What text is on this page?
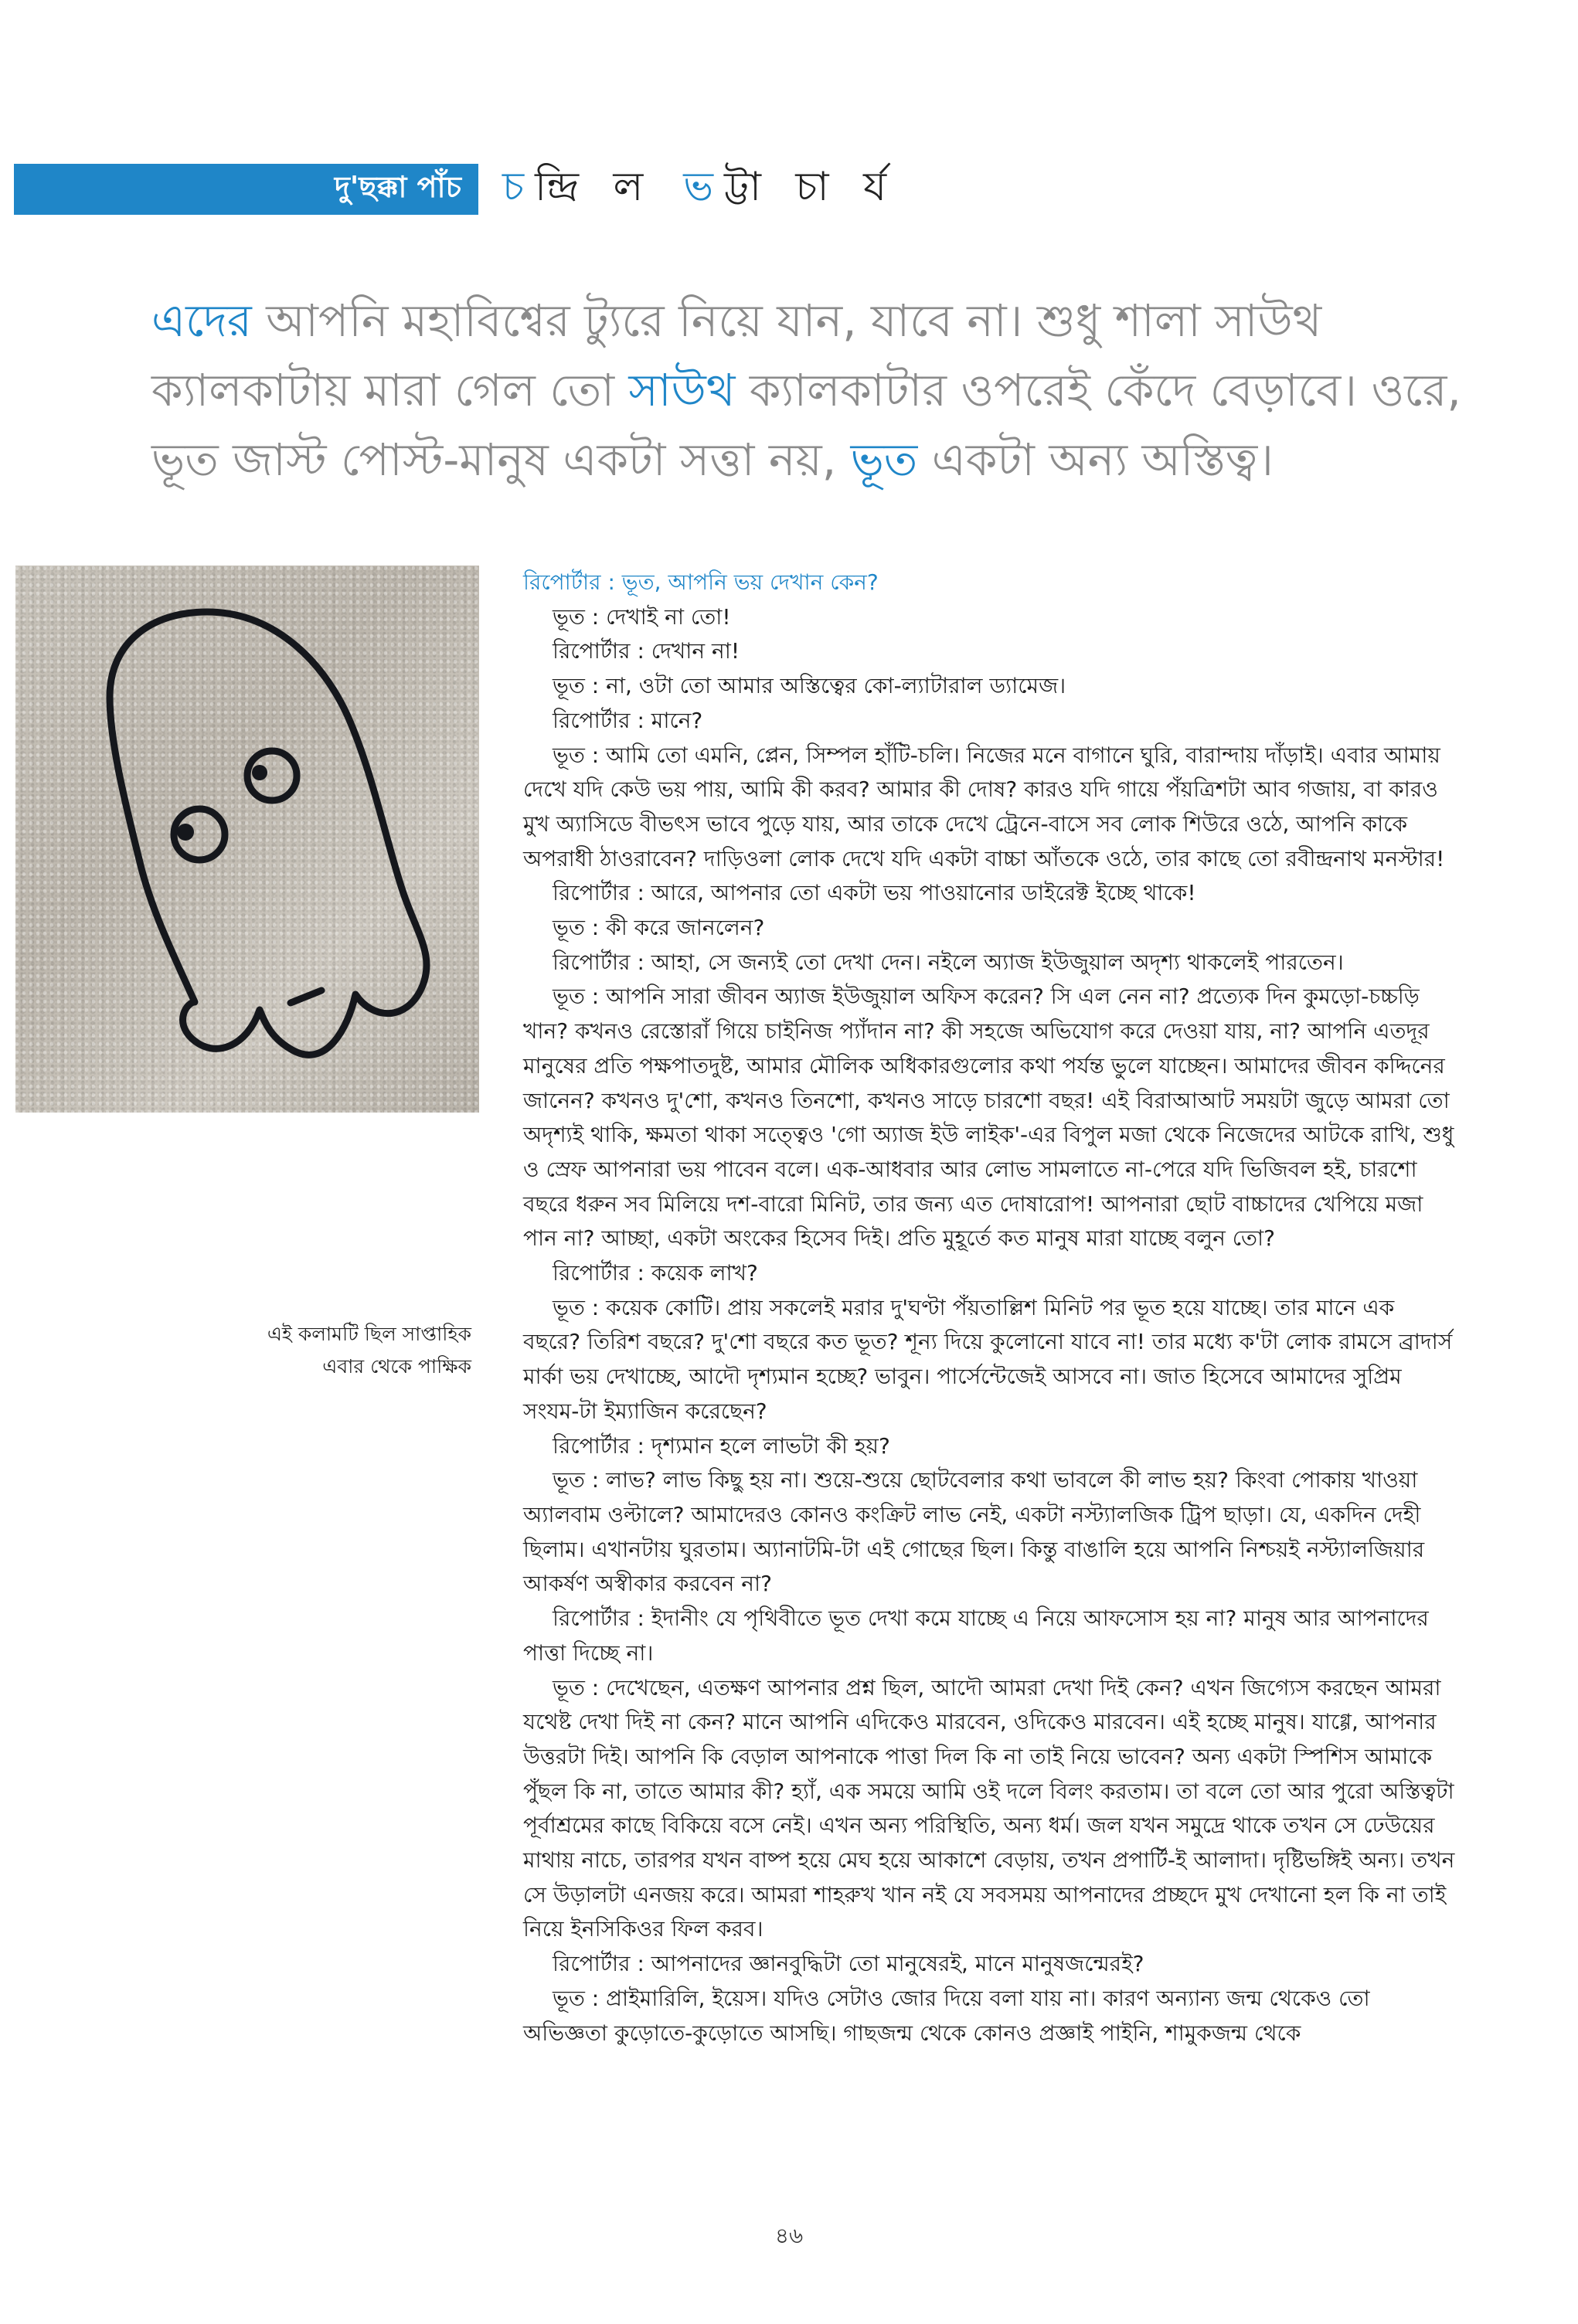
দু'ছক্কা পাঁচ চ ন্দ্রি ল ভ ট্টা চা র্য
এদের আপনি মহাবিশ্বের ট্যুরে নিয়ে যান, যাবে না। শুধু শালা সাউথ ক্যালকাটায় মারা গেল তো সাউথ ক্যালকাটার ওপরেই কেঁদে বেড়াবে। ওরে, ভূত জাস্ট পোস্ট-মানুষ একটা সত্তা নয়, ভূত একটা অন্য অস্তিত্ব।
এই কলামটি ছিল সাপ্তাহিক
এবার থেকে পাক্ষিক

রিপোর্টার : ভূত, আপনি ভয় দেখান কেন?

ভূত : দেখাই না তো!

রিপোর্টার : দেখান না!

ভূত : না, ওটা তো আমার অস্তিত্বের কো-ল্যাটারাল ড্যামেজ।

রিপোর্টার : মানে?

ভূত : আমি তো এমনি, প্লেন, সিম্পল হাঁটি-চলি। নিজের মনে বাগানে ঘুরি, বারান্দায় দাঁড়াই। এবার আমায় দেখে যদি কেউ ভয় পায়, আমি কী করব? আমার কী দোষ? কারও যদি গায়ে পঁয়ত্রিশটা আব গজায়, বা কারও মুখ অ্যাসিডে বীভৎস ভাবে পুড়ে যায়, আর তাকে দেখে ট্রেনে-বাসে সব লোক শিউরে ওঠে, আপনি কাকে অপরাধী ঠাওরাবেন? দাড়িওলা লোক দেখে যদি একটা বাচ্চা আঁতকে ওঠে, তার কাছে তো রবীন্দ্রনাথ মনস্টার!

রিপোর্টার : আরে, আপনার তো একটা ভয় পাওয়ানোর ডাইরেক্ট ইচ্ছে থাকে!

ভূত : কী করে জানলেন?

রিপোর্টার : আহা, সে জন্যই তো দেখা দেন। নইলে অ্যাজ ইউজুয়াল অদৃশ্য থাকলেই পারতেন।

ভূত : আপনি সারা জীবন অ্যাজ ইউজুয়াল অফিস করেন? সি এল নেন না? প্রত্যেক দিন কুমড়ো-চচ্চড়ি খান? কখনও রেস্তোরাঁ গিয়ে চাইনিজ প্যাঁদান না? কী সহজে অভিযোগ করে দেওয়া যায়, না? আপনি এতদূর মানুষের প্রতি পক্ষপাতদুষ্ট, আমার মৌলিক অধিকারগুলোর কথা পর্যন্ত ভুলে যাচ্ছেন। আমাদের জীবন কদ্দিনের জানেন? কখনও দু'শো, কখনও তিনশো, কখনও সাড়ে চারশো বছর! এই বিরাআআট সময়টা জুড়ে আমরা তো অদৃশ্যই থাকি, ক্ষমতা থাকা সত্ত্বেও 'গো অ্যাজ ইউ লাইক'-এর বিপুল মজা থেকে নিজেদের আটকে রাখি, শুধু ও স্রেফ আপনারা ভয় পাবেন বলে। এক-আধবার আর লোভ সামলাতে না-পেরে যদি ভিজিবল হই, চারশো বছরে ধরুন সব মিলিয়ে দশ-বারো মিনিট, তার জন্য এত দোষারোপ! আপনারা ছোট বাচ্চাদের খেপিয়ে মজা পান না? আচ্ছা, একটা অংকের হিসেব দিই। প্রতি মুহূর্তে কত মানুষ মারা যাচ্ছে বলুন তো?

রিপোর্টার : কয়েক লাখ?

ভূত : কয়েক কোটি। প্রায় সকলেই মরার দু'ঘণ্টা পঁয়তাল্লিশ মিনিট পর ভূত হয়ে যাচ্ছে। তার মানে এক বছরে? তিরিশ বছরে? দু'শো বছরে কত ভূত? শূন্য দিয়ে কুলোনো যাবে না! তার মধ্যে ক'টা লোক রামসে ব্রাদার্স মার্কা ভয় দেখাচ্ছে, আদৌ দৃশ্যমান হচ্ছে? ভাবুন। পার্সেন্টেজেই আসবে না। জাত হিসেবে আমাদের সুপ্রিম সংযম-টা ইম্যাজিন করেছেন?

রিপোর্টার : দৃশ্যমান হলে লাভটা কী হয়?

ভূত : লাভ? লাভ কিছু হয় না। শুয়ে-শুয়ে ছোটবেলার কথা ভাবলে কী লাভ হয়? কিংবা পোকায় খাওয়া অ্যালবাম ওল্টালে? আমাদেরও কোনও কংক্রিট লাভ নেই, একটা নস্ট্যালজিক ট্রিপ ছাড়া। যে, একদিন দেহী ছিলাম। এখানটায় ঘুরতাম। অ্যানাটমি-টা এই গোছের ছিল। কিন্তু বাঙালি হয়ে আপনি নিশ্চয়ই নস্ট্যালজিয়ার আকর্ষণ অস্বীকার করবেন না?

রিপোর্টার : ইদানীং যে পৃথিবীতে ভূত দেখা কমে যাচ্ছে এ নিয়ে আফসোস হয় না? মানুষ আর আপনাদের পাত্তা দিচ্ছে না।

ভূত : দেখেছেন, এতক্ষণ আপনার প্রশ্ন ছিল, আদৌ আমরা দেখা দিই কেন? এখন জিগ্যেস করছেন আমরা যথেষ্ট দেখা দিই না কেন? মানে আপনি এদিকেও মারবেন, ওদিকেও মারবেন। এই হচ্ছে মানুষ। যাগ্গে, আপনার উত্তরটা দিই। আপনি কি বেড়াল আপনাকে পাত্তা দিল কি না তাই নিয়ে ভাবেন? অন্য একটা স্পিশিস আমাকে পুঁছল কি না, তাতে আমার কী? হ্যাঁ, এক সময়ে আমি ওই দলে বিলং করতাম। তা বলে তো আর পুরো অস্তিত্বটা পূর্বাশ্রমের কাছে বিকিয়ে বসে নেই। এখন অন্য পরিস্থিতি, অন্য ধর্ম। জল যখন সমুদ্রে থাকে তখন সে ঢেউয়ের মাথায় নাচে, তারপর যখন বাষ্প হয়ে মেঘ হয়ে আকাশে বেড়ায়, তখন প্রপার্টি-ই আলাদা। দৃষ্টিভঙ্গিই অন্য। তখন সে উড়ালটা এনজয় করে। আমরা শাহরুখ খান নই যে সবসময় আপনাদের প্রচ্ছদে মুখ দেখানো হল কি না তাই নিয়ে ইনসিকিওর ফিল করব।

রিপোর্টার : আপনাদের জ্ঞানবুদ্ধিটা তো মানুষেরই, মানে মানুষজন্মেরই?

ভূত : প্রাইমারিলি, ইয়েস। যদিও সেটাও জোর দিয়ে বলা যায় না। কারণ অন্যান্য জন্ম থেকেও তো অভিজ্ঞতা কুড়োতে-কুড়োতে আসছি। গাছজন্ম থেকে কোনও প্রজ্ঞাই পাইনি, শামুকজন্ম থেকে

৪৬
